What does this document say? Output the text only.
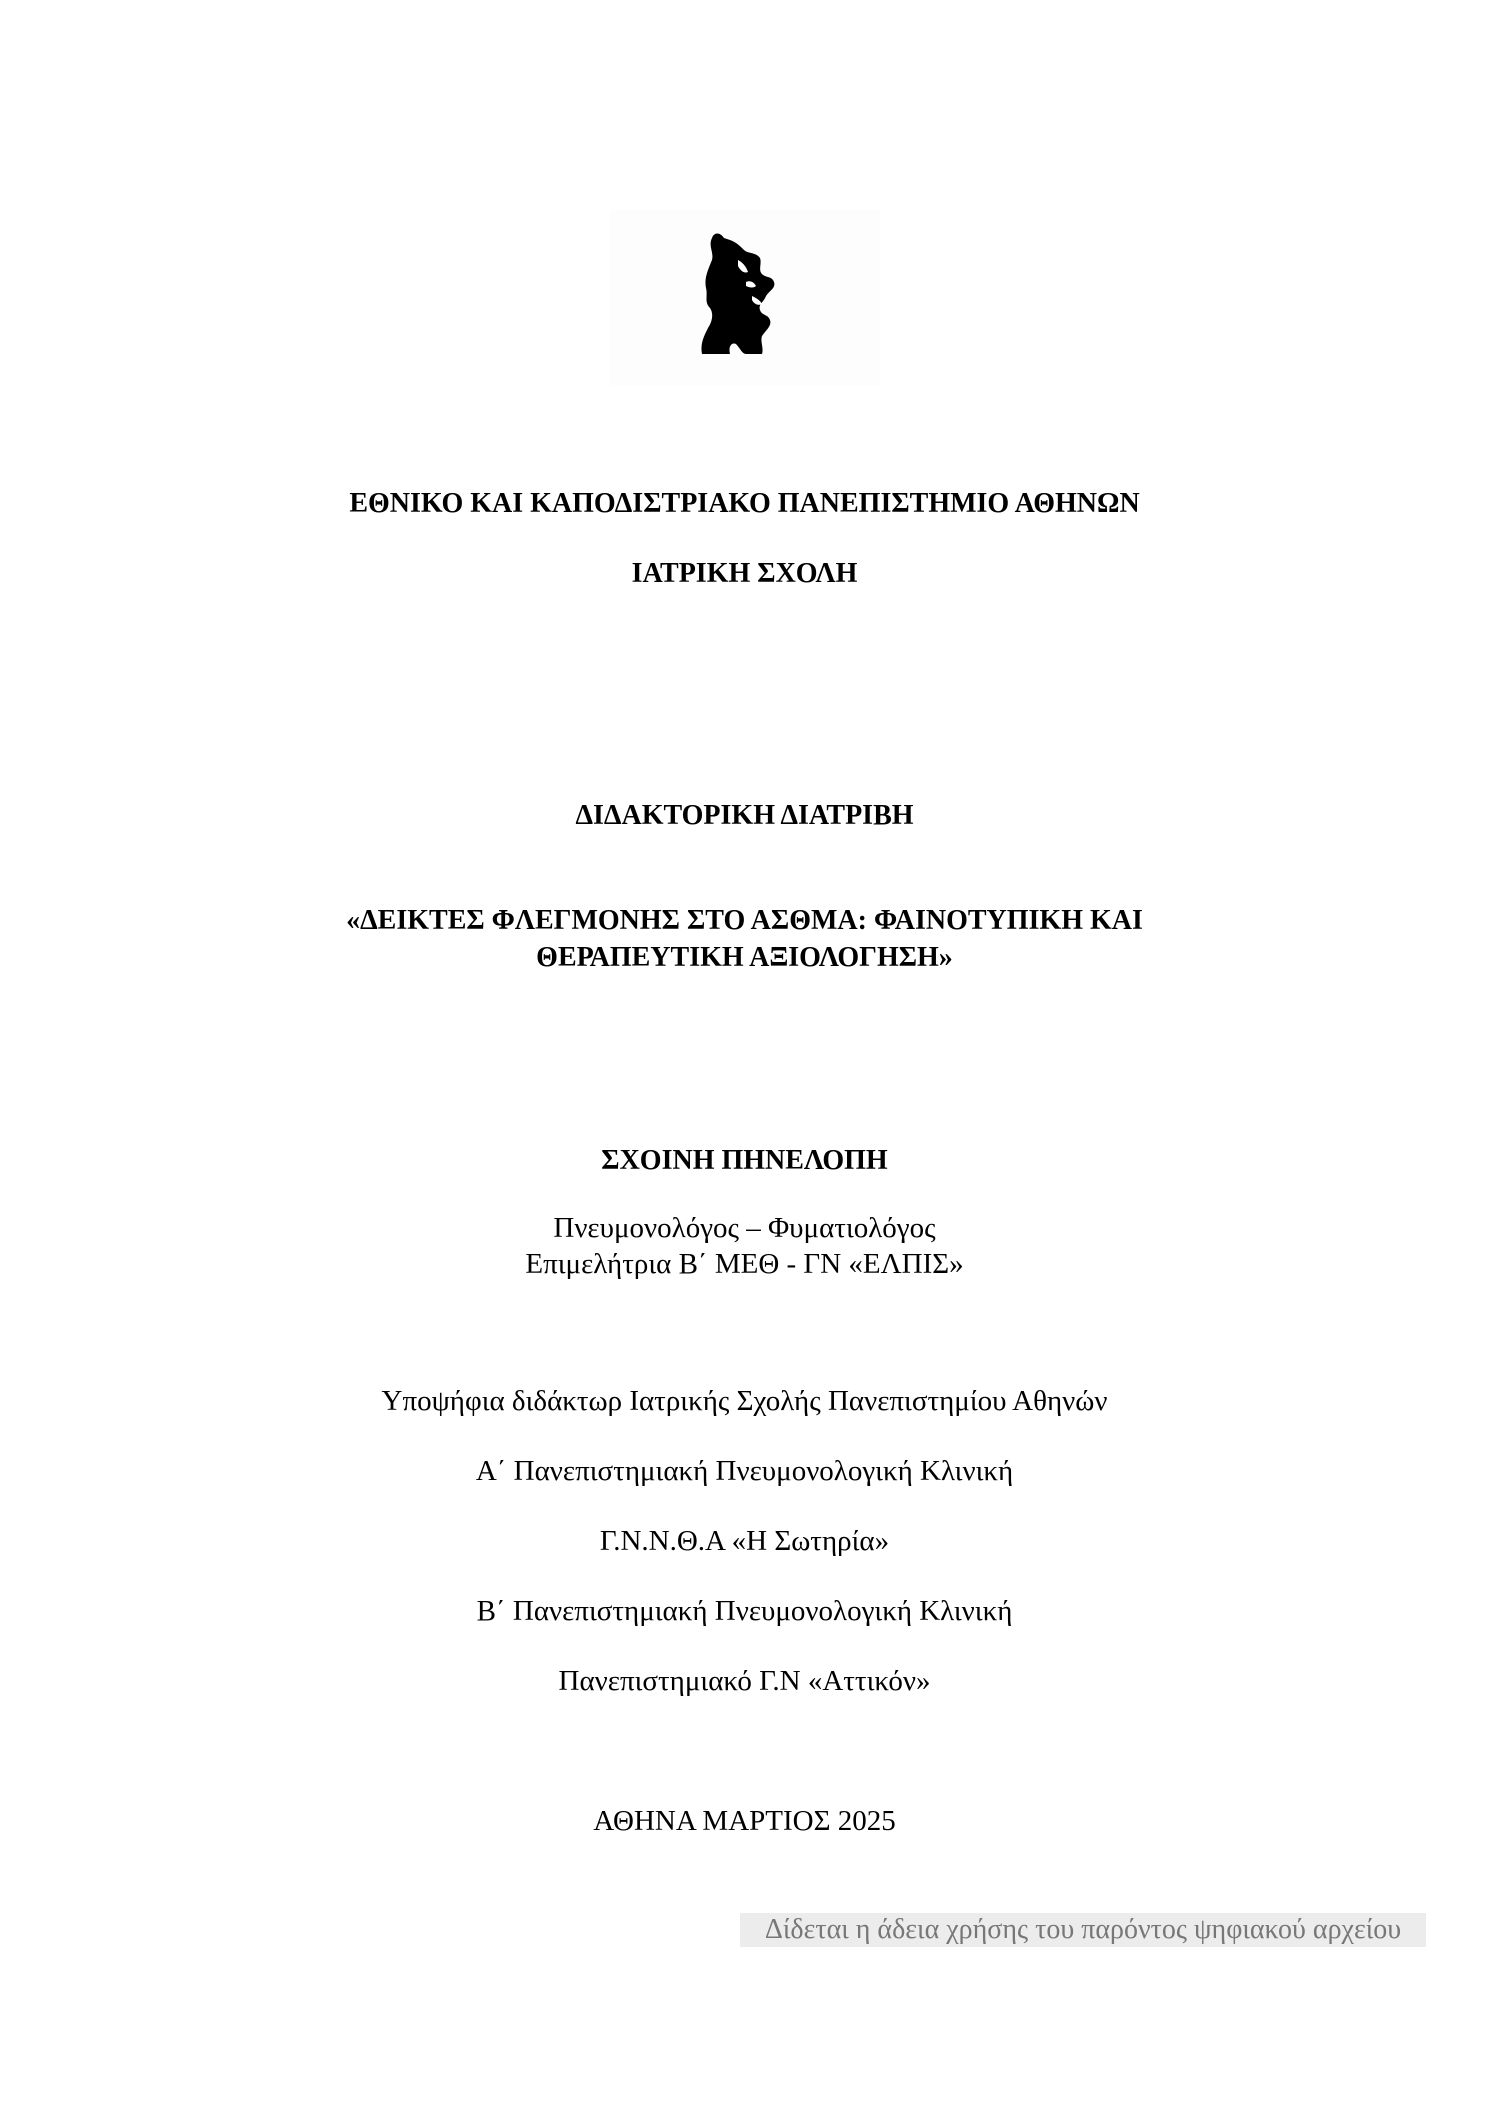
ΕΘΝΙΚΟ ΚΑΙ ΚΑΠΟΔΙΣΤΡΙΑΚΟ ΠΑΝΕΠΙΣΤΗΜΙΟ ΑΘΗΝΩΝ
ΙΑΤΡΙΚΗ ΣΧΟΛΗ
ΔΙΔΑΚΤΟΡΙΚΗ ΔΙΑΤΡΙΒΗ
«ΔΕΙΚΤΕΣ ΦΛΕΓΜΟΝΗΣ ΣΤΟ ΑΣΘΜΑ: ΦΑΙΝΟΤΥΠΙΚΗ ΚΑΙ
ΘΕΡΑΠΕΥΤΙΚΗ ΑΞΙΟΛΟΓΗΣΗ»
ΣΧΟΙΝΗ ΠΗΝΕΛΟΠΗ
Πνευμονολόγος – Φυματιολόγος
Επιμελήτρια Β΄ ΜΕΘ - ΓΝ «ΕΛΠΙΣ»
Υποψήφια διδάκτωρ Ιατρικής Σχολής Πανεπιστημίου Αθηνών
Α΄ Πανεπιστημιακή Πνευμονολογική Κλινική
Γ.Ν.Ν.Θ.Α «Η Σωτηρία»
Β΄ Πανεπιστημιακή Πνευμονολογική Κλινική
Πανεπιστημιακό Γ.Ν «Αττικόν»
ΑΘΗΝΑ ΜΑΡΤΙΟΣ 2025
Δίδεται η άδεια χρήσης του παρόντος ψηφιακού αρχείου
